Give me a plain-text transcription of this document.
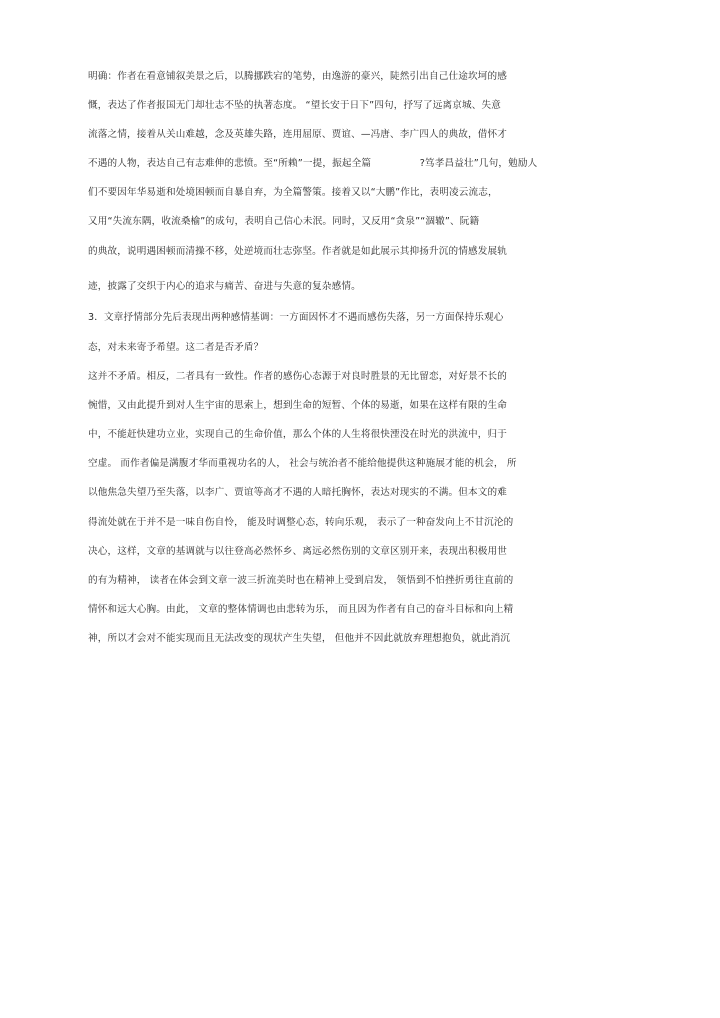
明确：作者在看意铺叙美景之后，以腾挪跌宕的笔势，由逸游的豪兴，陡然引出自己仕途坎坷的感
慨，表达了作者报国无门却壮志不坠的执著态度。 “望长安于日下”四句，抒写了远离京城、失意
流落之情，接着从关山难越，念及英雄失路，连用屈原、贾谊、—冯唐、李广四人的典故，借怀才
不遇的人物，表达自己有志难伸的悲愤。至“所赖”一提，振起全篇　　　　　?笃孝昌益壮”几句，勉励人
们不要因年华易逝和处境困顿而自暴自弃，为全篇警策。接着又以“大鹏”作比，表明凌云流志，
又用“失流东隅，收流桑榆”的成句，表明自己信心未泯。同时，又反用“贪泉”“涸辙”、阮籍
的典故，说明遇困顿而清操不移，处逆境而壮志弥坚。作者就是如此展示其抑扬升沉的情感发展轨
迹，披露了交织于内心的追求与痛苦、奋进与失意的复杂感情。
3．文章抒情部分先后表现出两种感情基调：一方面因怀才不遇而感伤失落，另一方面保持乐观心
态，对未来寄予希望。这二者是否矛盾？
这并不矛盾。相反，二者具有一致性。作者的感伤心态源于对良时胜景的无比留恋，对好景不长的
惋惜，又由此提升到对人生宇宙的思索上，想到生命的短暂、个体的易逝，如果在这样有限的生命
中，不能赶快建功立业，实现自己的生命价值，那么个体的人生将很快湮没在时光的洪流中，归于
空虚。 而作者偏是满腹才华而重视功名的人， 社会与统治者不能给他提供这种施展才能的机会， 所
以他焦急失望乃至失落，以李广、贾谊等高才不遇的人暗托胸怀，表达对现实的不满。但本文的难
得流处就在于并不是一味自伤自怜， 能及时调整心态，转向乐观， 表示了一种奋发向上不甘沉沦的
决心，这样，文章的基调就与以往登高必然怀乡、离远必然伤别的文章区别开来，表现出积极用世
的有为精神， 读者在体会到文章一波三折流美时也在精神上受到启发， 领悟到不怕挫折勇往直前的
情怀和远大心胸。由此， 文章的整体情调也由悲转为乐， 而且因为作者有自己的奋斗目标和向上精
神，所以才会对不能实现而且无法改变的现状产生失望， 但他并不因此就放弃理想抱负，就此消沉
